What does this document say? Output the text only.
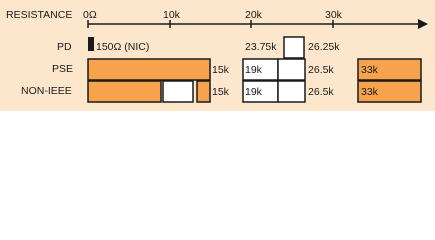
RESISTANCE 0Ω	10k	20k	30k
PD
PSE
NON-IEEE
150Ω (NIC)	23.75k	26.25k
15k 19k	26.5k	33k
15k 19k	26.5k	33k
